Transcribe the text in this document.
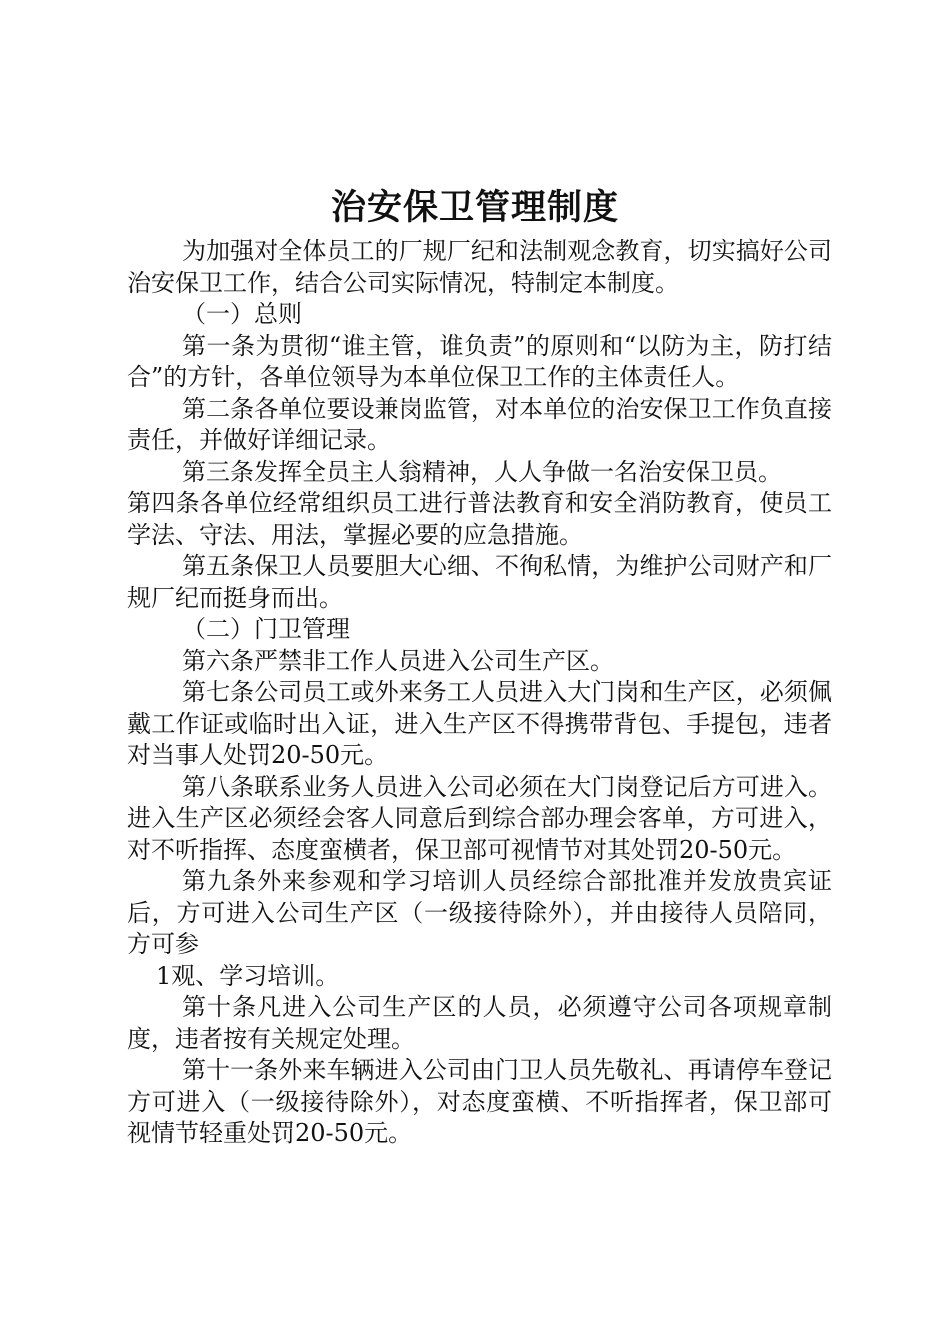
治安保卫管理制度

为加强对全体员工的厂规厂纪和法制观念教育，切实搞好公司治安保卫工作，结合公司实际情况，特制定本制度。

（一）总则

第一条为贯彻“谁主管，谁负责”的原则和“以防为主，防打结合”的方针，各单位领导为本单位保卫工作的主体责任人。

第二条各单位要设兼岗监管，对本单位的治安保卫工作负直接责任，并做好详细记录。

第三条发挥全员主人翁精神，人人争做一名治安保卫员。

第四条各单位经常组织员工进行普法教育和安全消防教育，使员工学法、守法、用法，掌握必要的应急措施。

第五条保卫人员要胆大心细、不徇私情，为维护公司财产和厂规厂纪而挺身而出。

（二）门卫管理

第六条严禁非工作人员进入公司生产区。

第七条公司员工或外来务工人员进入大门岗和生产区，必须佩戴工作证或临时出入证，进入生产区不得携带背包、手提包，违者对当事人处罚20-50元。

第八条联系业务人员进入公司必须在大门岗登记后方可进入。进入生产区必须经会客人同意后到综合部办理会客单，方可进入，对不听指挥、态度蛮横者，保卫部可视情节对其处罚20-50元。

第九条外来参观和学习培训人员经综合部批准并发放贵宾证后，方可进入公司生产区（一级接待除外），并由接待人员陪同，方可参

1观、学习培训。

第十条凡进入公司生产区的人员，必须遵守公司各项规章制度，违者按有关规定处理。

第十一条外来车辆进入公司由门卫人员先敬礼、再请停车登记方可进入（一级接待除外），对态度蛮横、不听指挥者，保卫部可视情节轻重处罚20-50元。
